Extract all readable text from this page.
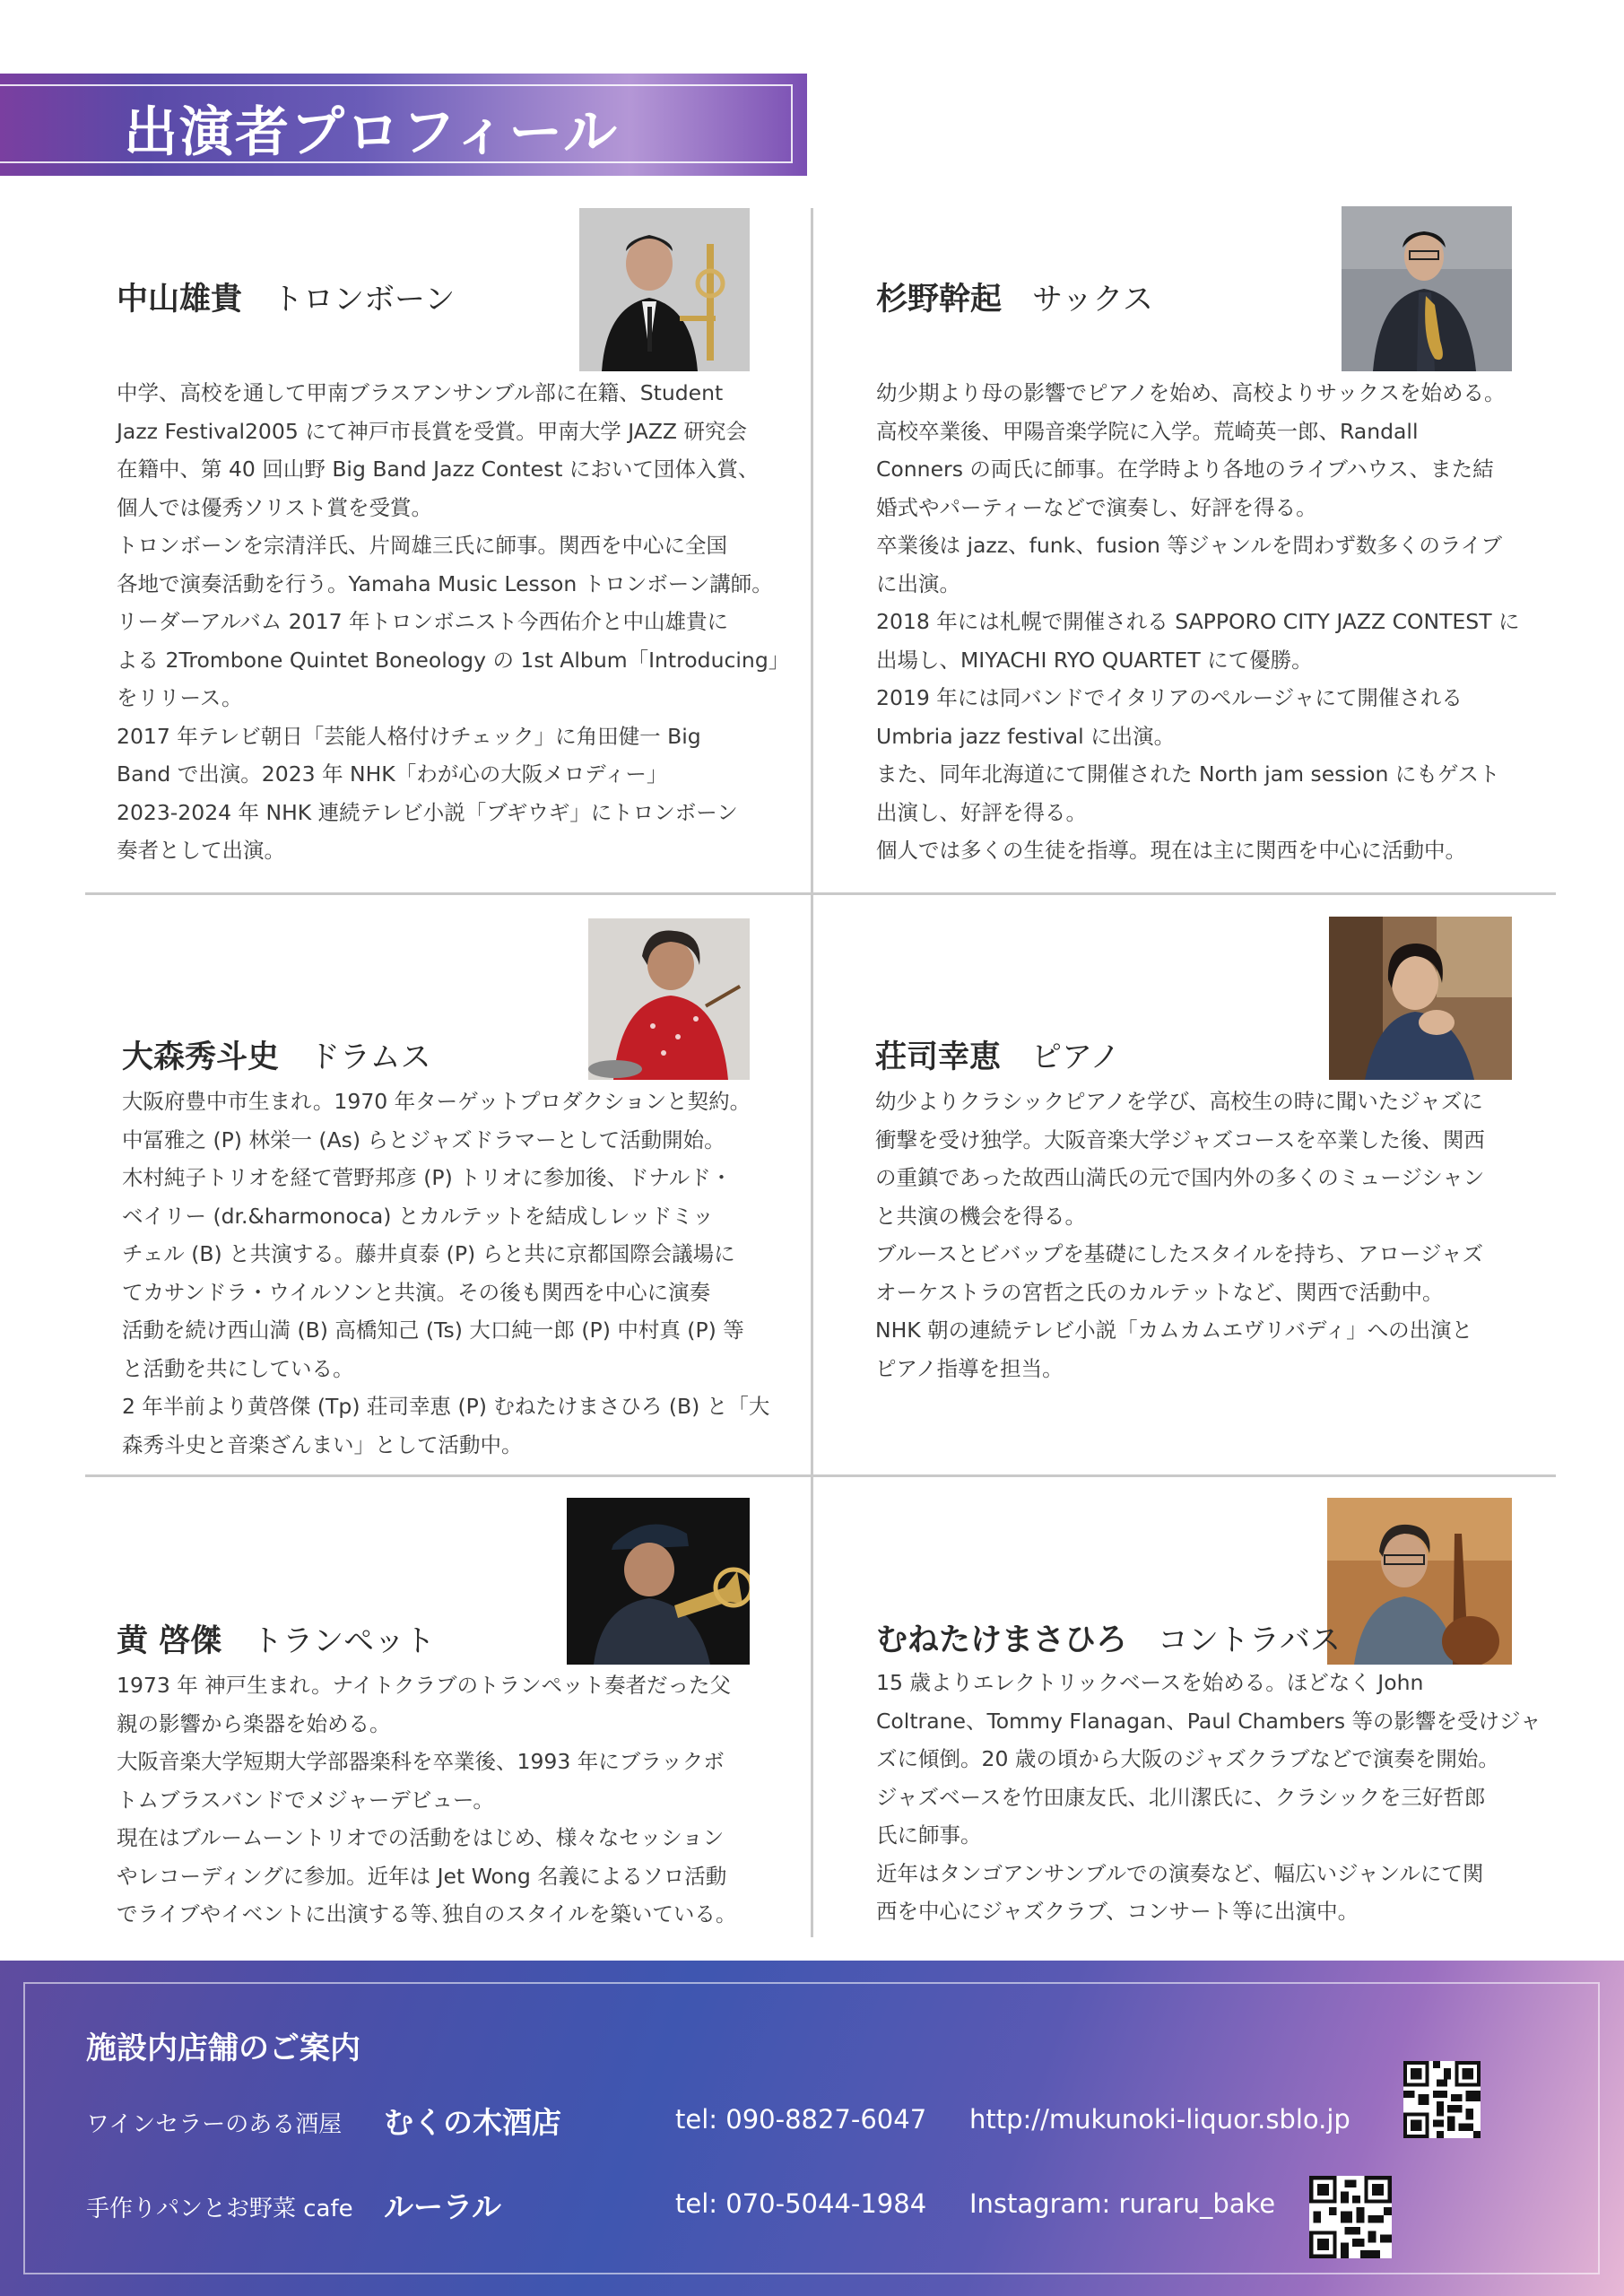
出演者プロフィール
中山雄貴 トロンボーン
中学、高校を通して甲南ブラスアンサンブル部に在籍、Student
Jazz Festival2005 にて神戸市長賞を受賞。甲南大学 JAZZ 研究会
在籍中、第 40 回山野 Big Band Jazz Contest において団体入賞、
個人では優秀ソリスト賞を受賞。
トロンボーンを宗清洋氏、片岡雄三氏に師事。関西を中心に全国
各地で演奏活動を行う。Yamaha Music Lesson トロンボーン講師。
リーダーアルバム 2017 年トロンボニスト今西佑介と中山雄貴に
よる 2Trombone Quintet Boneology の 1st Album「Introducing」
をリリース。
2017 年テレビ朝日「芸能人格付けチェック」に角田健一 Big
Band で出演。2023 年 NHK「わが心の大阪メロディー」
2023-2024 年 NHK 連続テレビ小説「ブギウギ」にトロンボーン
奏者として出演。
杉野幹起 サックス
幼少期より母の影響でピアノを始め、高校よりサックスを始める。
高校卒業後、甲陽音楽学院に入学。荒崎英一郎、Randall
Conners の両氏に師事。在学時より各地のライブハウス、また結
婚式やパーティーなどで演奏し、好評を得る。
卒業後は jazz、funk、fusion 等ジャンルを問わず数多くのライブ
に出演。
2018 年には札幌で開催される SAPPORO CITY JAZZ CONTEST に
出場し、MIYACHI RYO QUARTET にて優勝。
2019 年には同バンドでイタリアのペルージャにて開催される
Umbria jazz festival に出演。
また、同年北海道にて開催された North jam session にもゲスト
出演し、好評を得る。
個人では多くの生徒を指導。現在は主に関西を中心に活動中。
大森秀斗史 ドラムス
大阪府豊中市生まれ。1970 年ターゲットプロダクションと契約。
中冨雅之 (P) 林栄一 (As) らとジャズドラマーとして活動開始。
木村純子トリオを経て菅野邦彦 (P) トリオに参加後、ドナルド・
ベイリー (dr.&harmonoca) とカルテットを結成しレッドミッ
チェル (B) と共演する。藤井貞泰 (P) らと共に京都国際会議場に
てカサンドラ・ウイルソンと共演。その後も関西を中心に演奏
活動を続け西山満 (B) 高橋知己 (Ts) 大口純一郎 (P) 中村真 (P) 等
と活動を共にしている。
2 年半前より黄啓傑 (Tp) 荘司幸恵 (P) むねたけまさひろ (B) と「大
森秀斗史と音楽ざんまい」として活動中。
荘司幸恵 ピアノ
幼少よりクラシックピアノを学び、高校生の時に聞いたジャズに
衝撃を受け独学。大阪音楽大学ジャズコースを卒業した後、関西
の重鎮であった故西山満氏の元で国内外の多くのミュージシャン
と共演の機会を得る。
ブルースとビバップを基礎にしたスタイルを持ち、アロージャズ
オーケストラの宮哲之氏のカルテットなど、関西で活動中。
NHK 朝の連続テレビ小説「カムカムエヴリバディ」への出演と
ピアノ指導を担当。
黄 啓傑 トランペット
1973 年 神戸生まれ。ナイトクラブのトランペット奏者だった父
親の影響から楽器を始める。
大阪音楽大学短期大学部器楽科を卒業後、1993 年にブラックボ
トムブラスバンドでメジャーデビュー。
現在はブルームーントリオでの活動をはじめ、様々なセッション
やレコーディングに参加。近年は Jet Wong 名義によるソロ活動
でライブやイベントに出演する等､独自のスタイルを築いている。
むねたけまさひろ コントラバス
15 歳よりエレクトリックベースを始める。ほどなく John
Coltrane、Tommy Flanagan、Paul Chambers 等の影響を受けジャ
ズに傾倒。20 歳の頃から大阪のジャズクラブなどで演奏を開始。
ジャズベースを竹田康友氏、北川潔氏に、クラシックを三好哲郎
氏に師事。
近年はタンゴアンサンブルでの演奏など、幅広いジャンルにて関
西を中心にジャズクラブ、コンサート等に出演中。
施設内店舗のご案内
ワインセラーのある酒屋 むくの木酒店	tel: 090-8827-6047 http://mukunoki-liquor.sblo.jp
手作りパンとお野菜 cafe ルーラル	tel: 070-5044-1984 Instagram: ruraru_bake
